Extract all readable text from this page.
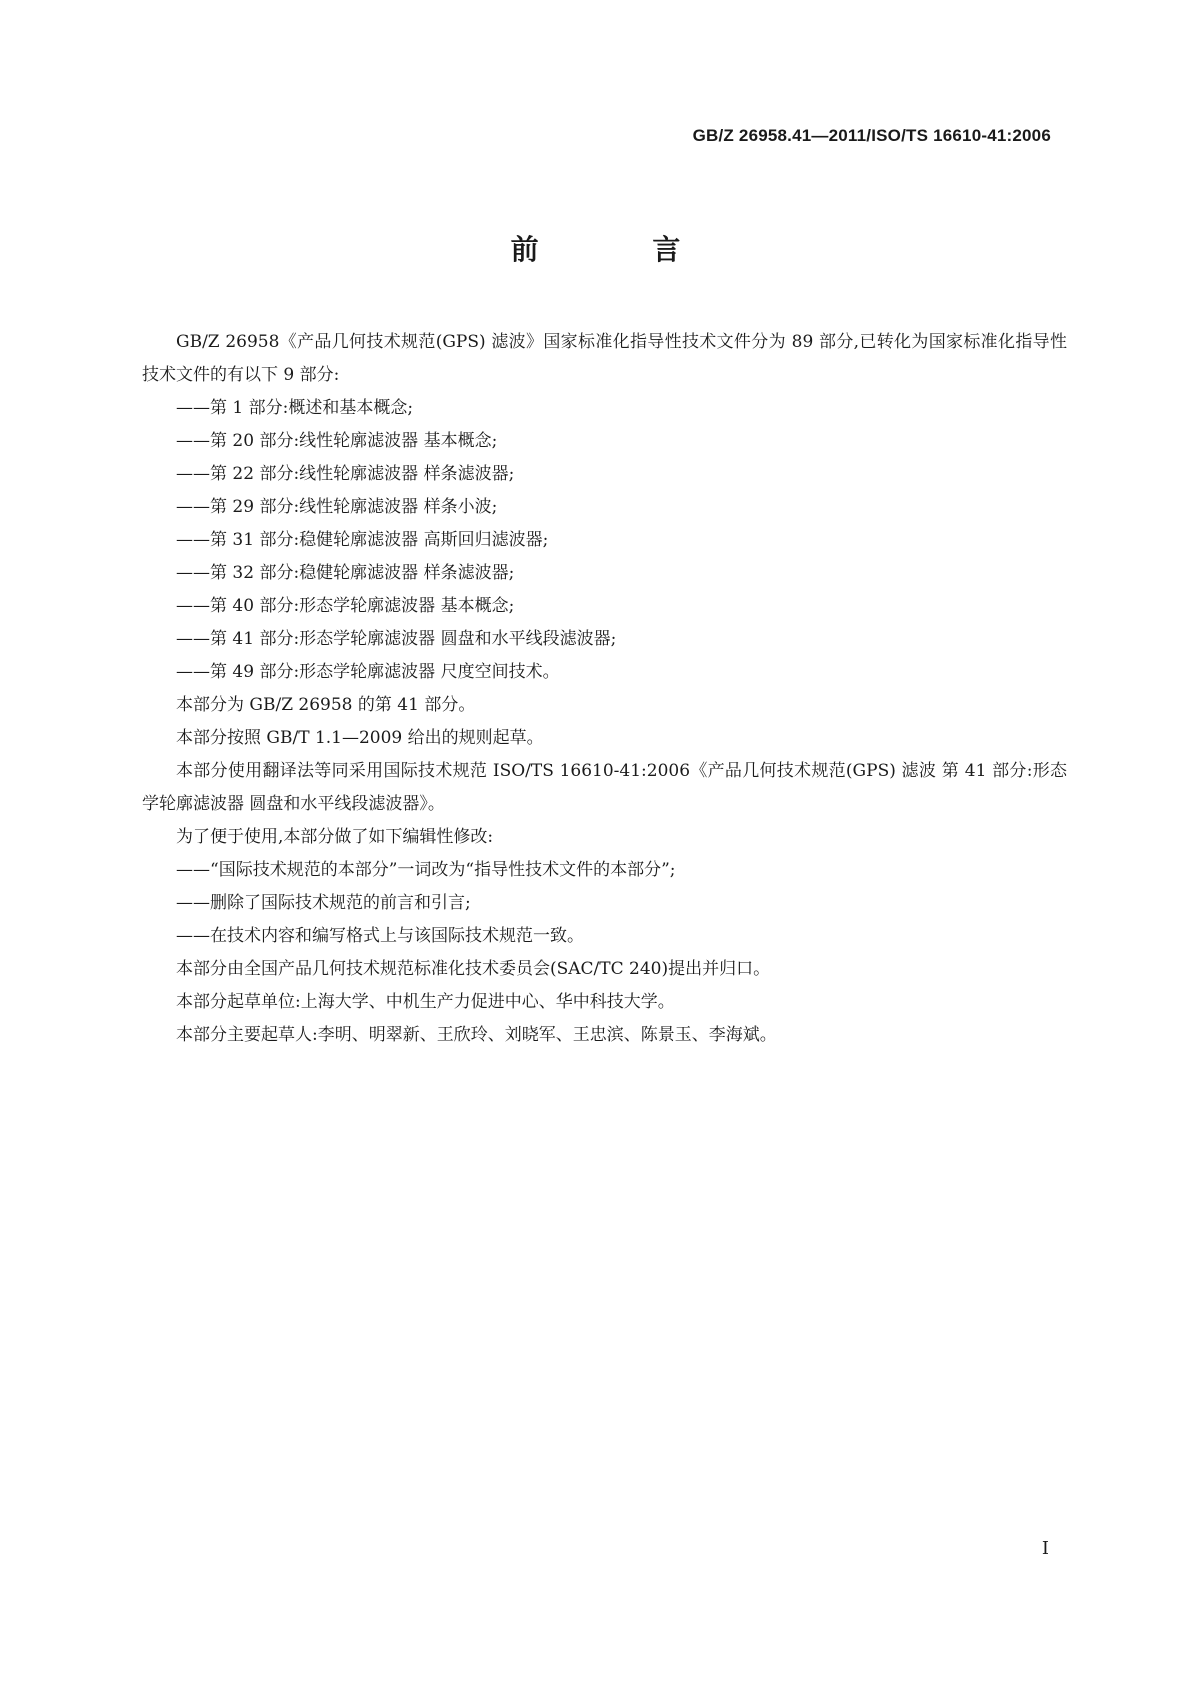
GB/Z 26958.41—2011/ISO/TS 16610-41:2006
前 言

GB/Z 26958《产品几何技术规范(GPS) 滤波》国家标准化指导性技术文件分为 89 部分,已转化为国家标准化指导性技术文件的有以下 9 部分:

——第 1 部分:概述和基本概念;

——第 20 部分:线性轮廓滤波器 基本概念;

——第 22 部分:线性轮廓滤波器 样条滤波器;

——第 29 部分:线性轮廓滤波器 样条小波;

——第 31 部分:稳健轮廓滤波器 高斯回归滤波器;

——第 32 部分:稳健轮廓滤波器 样条滤波器;

——第 40 部分:形态学轮廓滤波器 基本概念;

——第 41 部分:形态学轮廓滤波器 圆盘和水平线段滤波器;

——第 49 部分:形态学轮廓滤波器 尺度空间技术。

本部分为 GB/Z 26958 的第 41 部分。

本部分按照 GB/T 1.1—2009 给出的规则起草。

本部分使用翻译法等同采用国际技术规范 ISO/TS 16610-41:2006《产品几何技术规范(GPS) 滤波 第 41 部分:形态学轮廓滤波器 圆盘和水平线段滤波器》。

为了便于使用,本部分做了如下编辑性修改:

——“国际技术规范的本部分”一词改为“指导性技术文件的本部分”;

——删除了国际技术规范的前言和引言;

——在技术内容和编写格式上与该国际技术规范一致。

本部分由全国产品几何技术规范标准化技术委员会(SAC/TC 240)提出并归口。

本部分起草单位:上海大学、中机生产力促进中心、华中科技大学。

本部分主要起草人:李明、明翠新、王欣玲、刘晓军、王忠滨、陈景玉、李海斌。

I
